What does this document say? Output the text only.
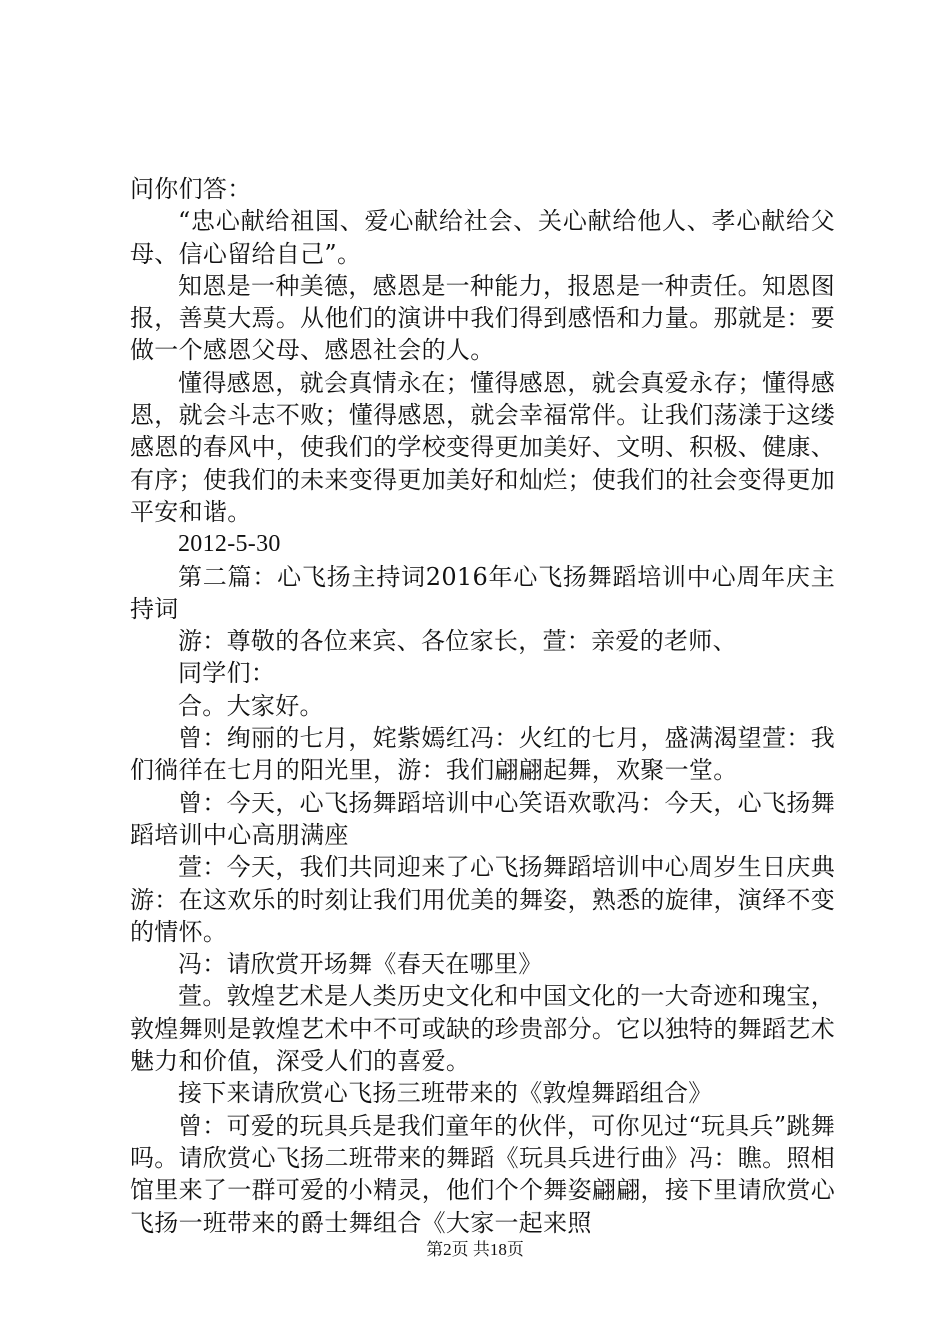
问你们答：

“忠心献给祖国、爱心献给社会、关心献给他人、孝心献给父母、信心留给自己”。

知恩是一种美德，感恩是一种能力，报恩是一种责任。知恩图报，善莫大焉。从他们的演讲中我们得到感悟和力量。那就是：要做一个感恩父母、感恩社会的人。

懂得感恩，就会真情永在；懂得感恩，就会真爱永存；懂得感恩，就会斗志不败；懂得感恩，就会幸福常伴。让我们荡漾于这缕感恩的春风中，使我们的学校变得更加美好、文明、积极、健康、有序；使我们的未来变得更加美好和灿烂；使我们的社会变得更加平安和谐。

2012-5-30

第二篇：心飞扬主持词2016年心飞扬舞蹈培训中心周年庆主持词

游：尊敬的各位来宾、各位家长，萱：亲爱的老师、

同学们：

合。大家好。

曾：绚丽的七月，姹紫嫣红冯：火红的七月，盛满渴望萱：我们徜徉在七月的阳光里，游：我们翩翩起舞，欢聚一堂。

曾：今天，心飞扬舞蹈培训中心笑语欢歌冯：今天，心飞扬舞蹈培训中心高朋满座

萱：今天，我们共同迎来了心飞扬舞蹈培训中心周岁生日庆典游：在这欢乐的时刻让我们用优美的舞姿，熟悉的旋律，演绎不变的情怀。

冯：请欣赏开场舞《春天在哪里》

萱。敦煌艺术是人类历史文化和中国文化的一大奇迹和瑰宝，敦煌舞则是敦煌艺术中不可或缺的珍贵部分。它以独特的舞蹈艺术魅力和价值，深受人们的喜爱。

接下来请欣赏心飞扬三班带来的《敦煌舞蹈组合》

曾：可爱的玩具兵是我们童年的伙伴，可你见过“玩具兵”跳舞吗。请欣赏心飞扬二班带来的舞蹈《玩具兵进行曲》冯：瞧。照相馆里来了一群可爱的小精灵，他们个个舞姿翩翩，接下里请欣赏心飞扬一班带来的爵士舞组合《大家一起来照

第2页 共18页
